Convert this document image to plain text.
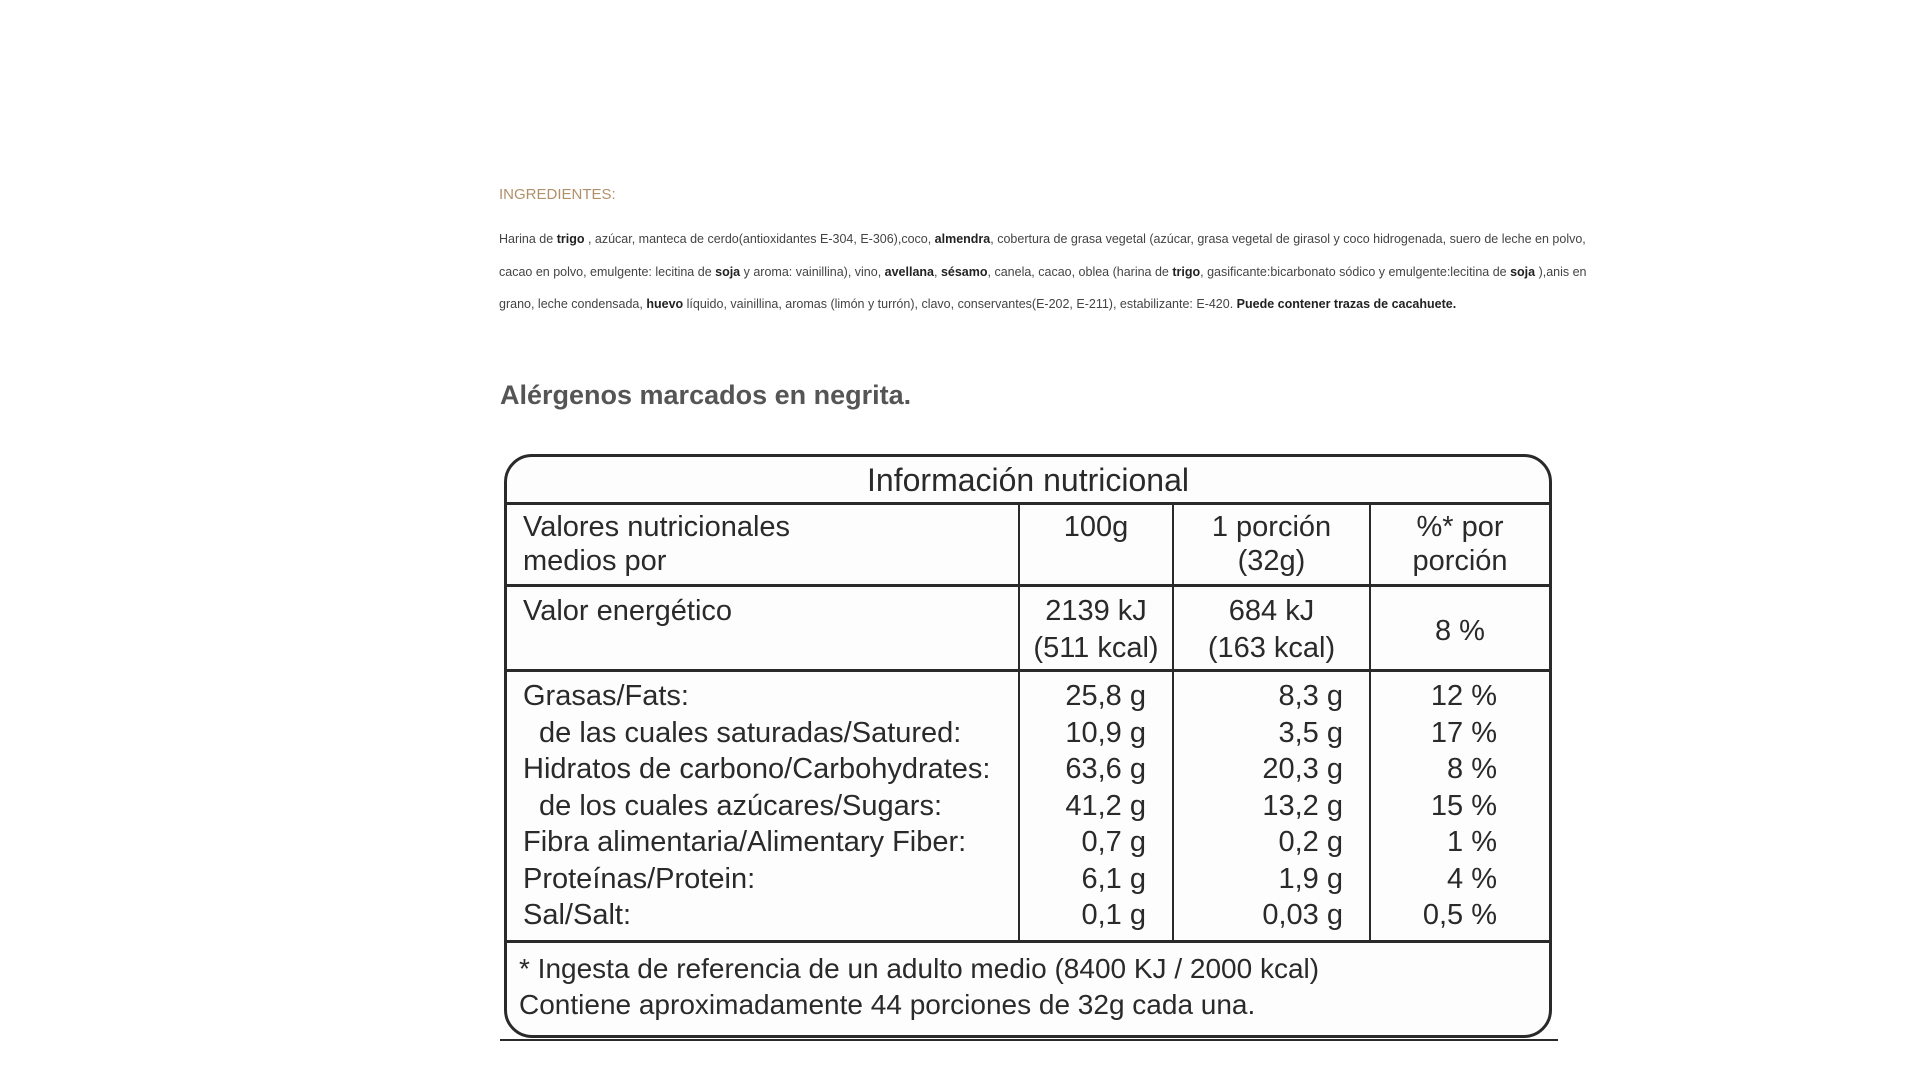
INGREDIENTES:

Harina de trigo , azúcar, manteca de cerdo(antioxidantes E-304, E-306),coco, almendra, cobertura de grasa vegetal (azúcar, grasa vegetal de girasol y coco hidrogenada, suero de leche en polvo, cacao en polvo, emulgente: lecitina de soja y aroma: vainillina), vino, avellana, sésamo, canela, cacao, oblea (harina de trigo, gasificante:bicarbonato sódico y emulgente:lecitina de soja ),anis en grano, leche condensada, huevo líquido, vainillina, aromas (limón y turrón), clavo, conservantes(E-202, E-211), estabilizante: E-420. Puede contener trazas de cacahuete.

Alérgenos marcados en negrita.
Información nutricional
Valores nutricionales
medios por
100g	1 porción
(32g)
%* por
porción
Valor energético	2139 kJ
(511 kcal)
684 kJ
(163 kcal)
8 %
Grasas/Fats:
de las cuales saturadas/Satured:
Hidratos de carbono/Carbohydrates:
de los cuales azúcares/Sugars:
Fibra alimentaria/Alimentary Fiber:
Proteínas/Protein:
Sal/Salt:
25,8 g
10,9 g
63,6 g
41,2 g
0,7 g
6,1 g
0,1 g
8,3 g
3,5 g
20,3 g
13,2 g
0,2 g
1,9 g
0,03 g
12 %
17 %
8 %
15 %
1 %
4 %
0,5 %
* Ingesta de referencia de un adulto medio (8400 KJ / 2000 kcal)
Contiene aproximadamente 44 porciones de 32g cada una.
